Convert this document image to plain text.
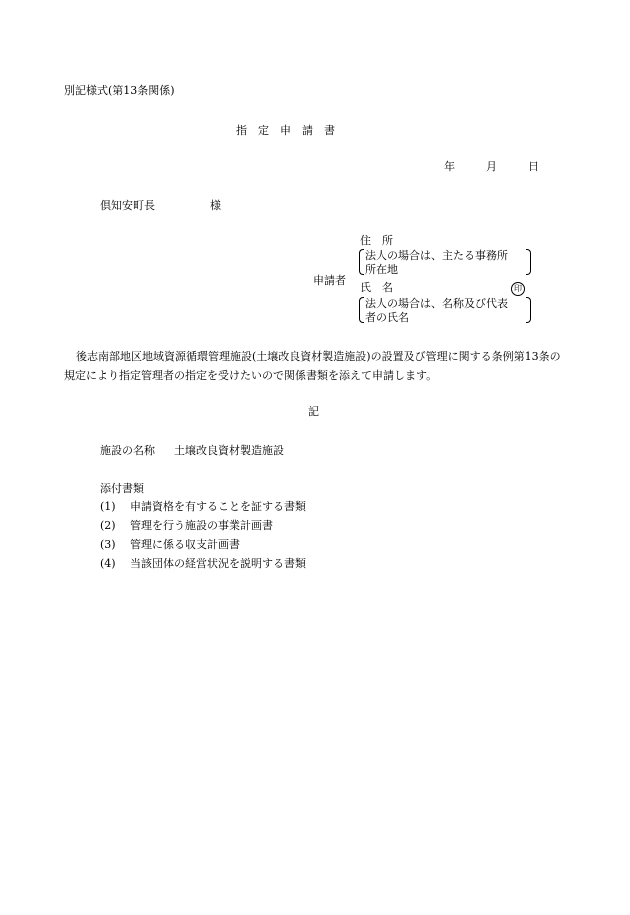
別記様式(第13条関係)
指　定　申　請　書
年	月	日
倶知安町長	様
申請者
住　所
法人の場合は、主たる事務所
所在地
氏　名	印
法人の場合は、名称及び代表
者の氏名
後志南部地区地域資源循環管理施設(土壌改良資材製造施設)の設置及び管理に関する条例第13条の規定により指定管理者の指定を受けたいので関係書類を添えて申請します。
記
施設の名称 土壌改良資材製造施設
添付書類
(1) 申請資格を有することを証する書類
(2) 管理を行う施設の事業計画書
(3) 管理に係る収支計画書
(4) 当該団体の経営状況を説明する書類
